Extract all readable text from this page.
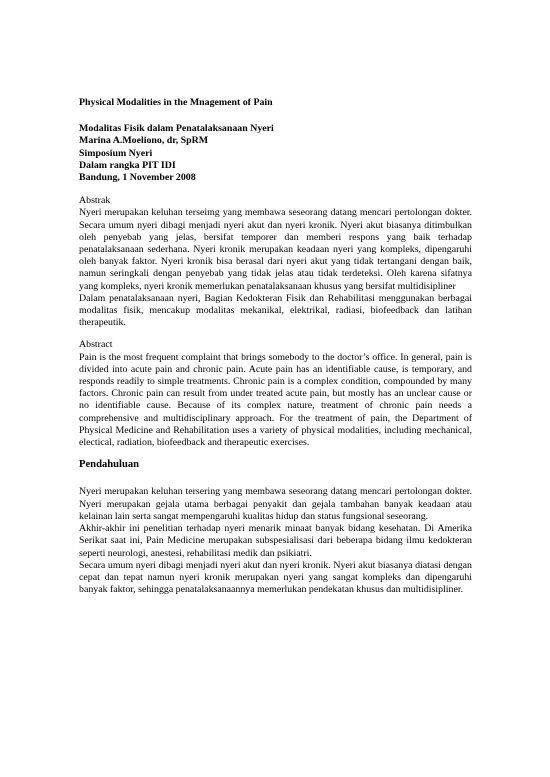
Physical Modalities in the Mnagement of Pain
Modalitas Fisik dalam Penatalaksanaan Nyeri
Marina A.Moeliono, dr, SpRM
Simposium Nyeri
Dalam rangka PIT IDI
Bandung, 1 November 2008
Abstrak

Nyeri merupakan keluhan terseimg yang membawa seseorang datang mencari pertolongan dokter. Secara umum nyeri dibagi menjadi nyeri akut dan nyeri kronik. Nyeri akut biasanya ditimbulkan oleh penyebab yang jelas, bersifat temporer dan memberi respons yang baik terhadap penatalaksanaan sederhana. Nyeri kronik merupakan keadaan nyeri yang kompleks, dipengaruhi oleh banyak faktor. Nyeri kronik bisa berasal dari nyeri akut yang tidak tertangani dengan baik, namun seringkali dengan penyebab yang tidak jelas atau tidak terdeteksi. Oleh karena sifatnya yang kompleks, nyeri kronik memerlukan penatalaksanaan khusus yang bersifat multidisipliner

Dalam penatalaksanaan nyeri, Bagian Kedokteran Fisik dan Rehabilitasi menggunakan berbagai modalitas fisik, mencakup modalitas mekanikal, elektrikal, radiasi, biofeedback dan latihan therapeutik.

Abstract

Pain is the most frequent complaint that brings somebody to the doctor’s office. In general, pain is divided into acute pain and chronic pain. Acute pain has an identifiable cause, is temporary, and responds readily to simple treatments. Chronic pain is a complex condition, compounded by many factors. Chronic pain can result from under treated acute pain, but mostly has an unclear cause or no identifiable cause. Because of its complex nature, treatment of chronic pain needs a comprehensive and multidisciplinary approach. For the treatment of pain, the Department of Physical Medicine and Rehabilitation uses a variety of physical modalities, including mechanical, electical, radiation, biofeedback and therapeutic exercises.

Pendahuluan

Nyeri merupakan keluhan tersering yang membawa seseorang datang mencari pertolongan dokter. Nyeri merupakan gejala utama berbagai penyakit dan gejala tambahan banyak keadaan atau kelainan lain serta sangat mempengaruhi kualitas hidup dan status fungsional seseorang.

Akhir-akhir ini penelitian terhadap nyeri menarik minaat banyak bidang kesehatan. Di Amerika Serikat saat ini, Pain Medicine merupakan subspesialisasi dari beberapa bidang ilmu kedokteran seperti neurologi, anestesi, rehabilitasi medik dan psikiatri.

Secara umum nyeri dibagi menjadi nyeri akut dan nyeri kronik. Nyeri akut biasanya diatasi dengan cepat dan tepat namun nyeri kronik merupakan nyeri yang sangat kompleks dan dipengaruhi banyak faktor, sehingga penatalaksanaannya memerlukan pendekatan khusus dan multidisipliner.
